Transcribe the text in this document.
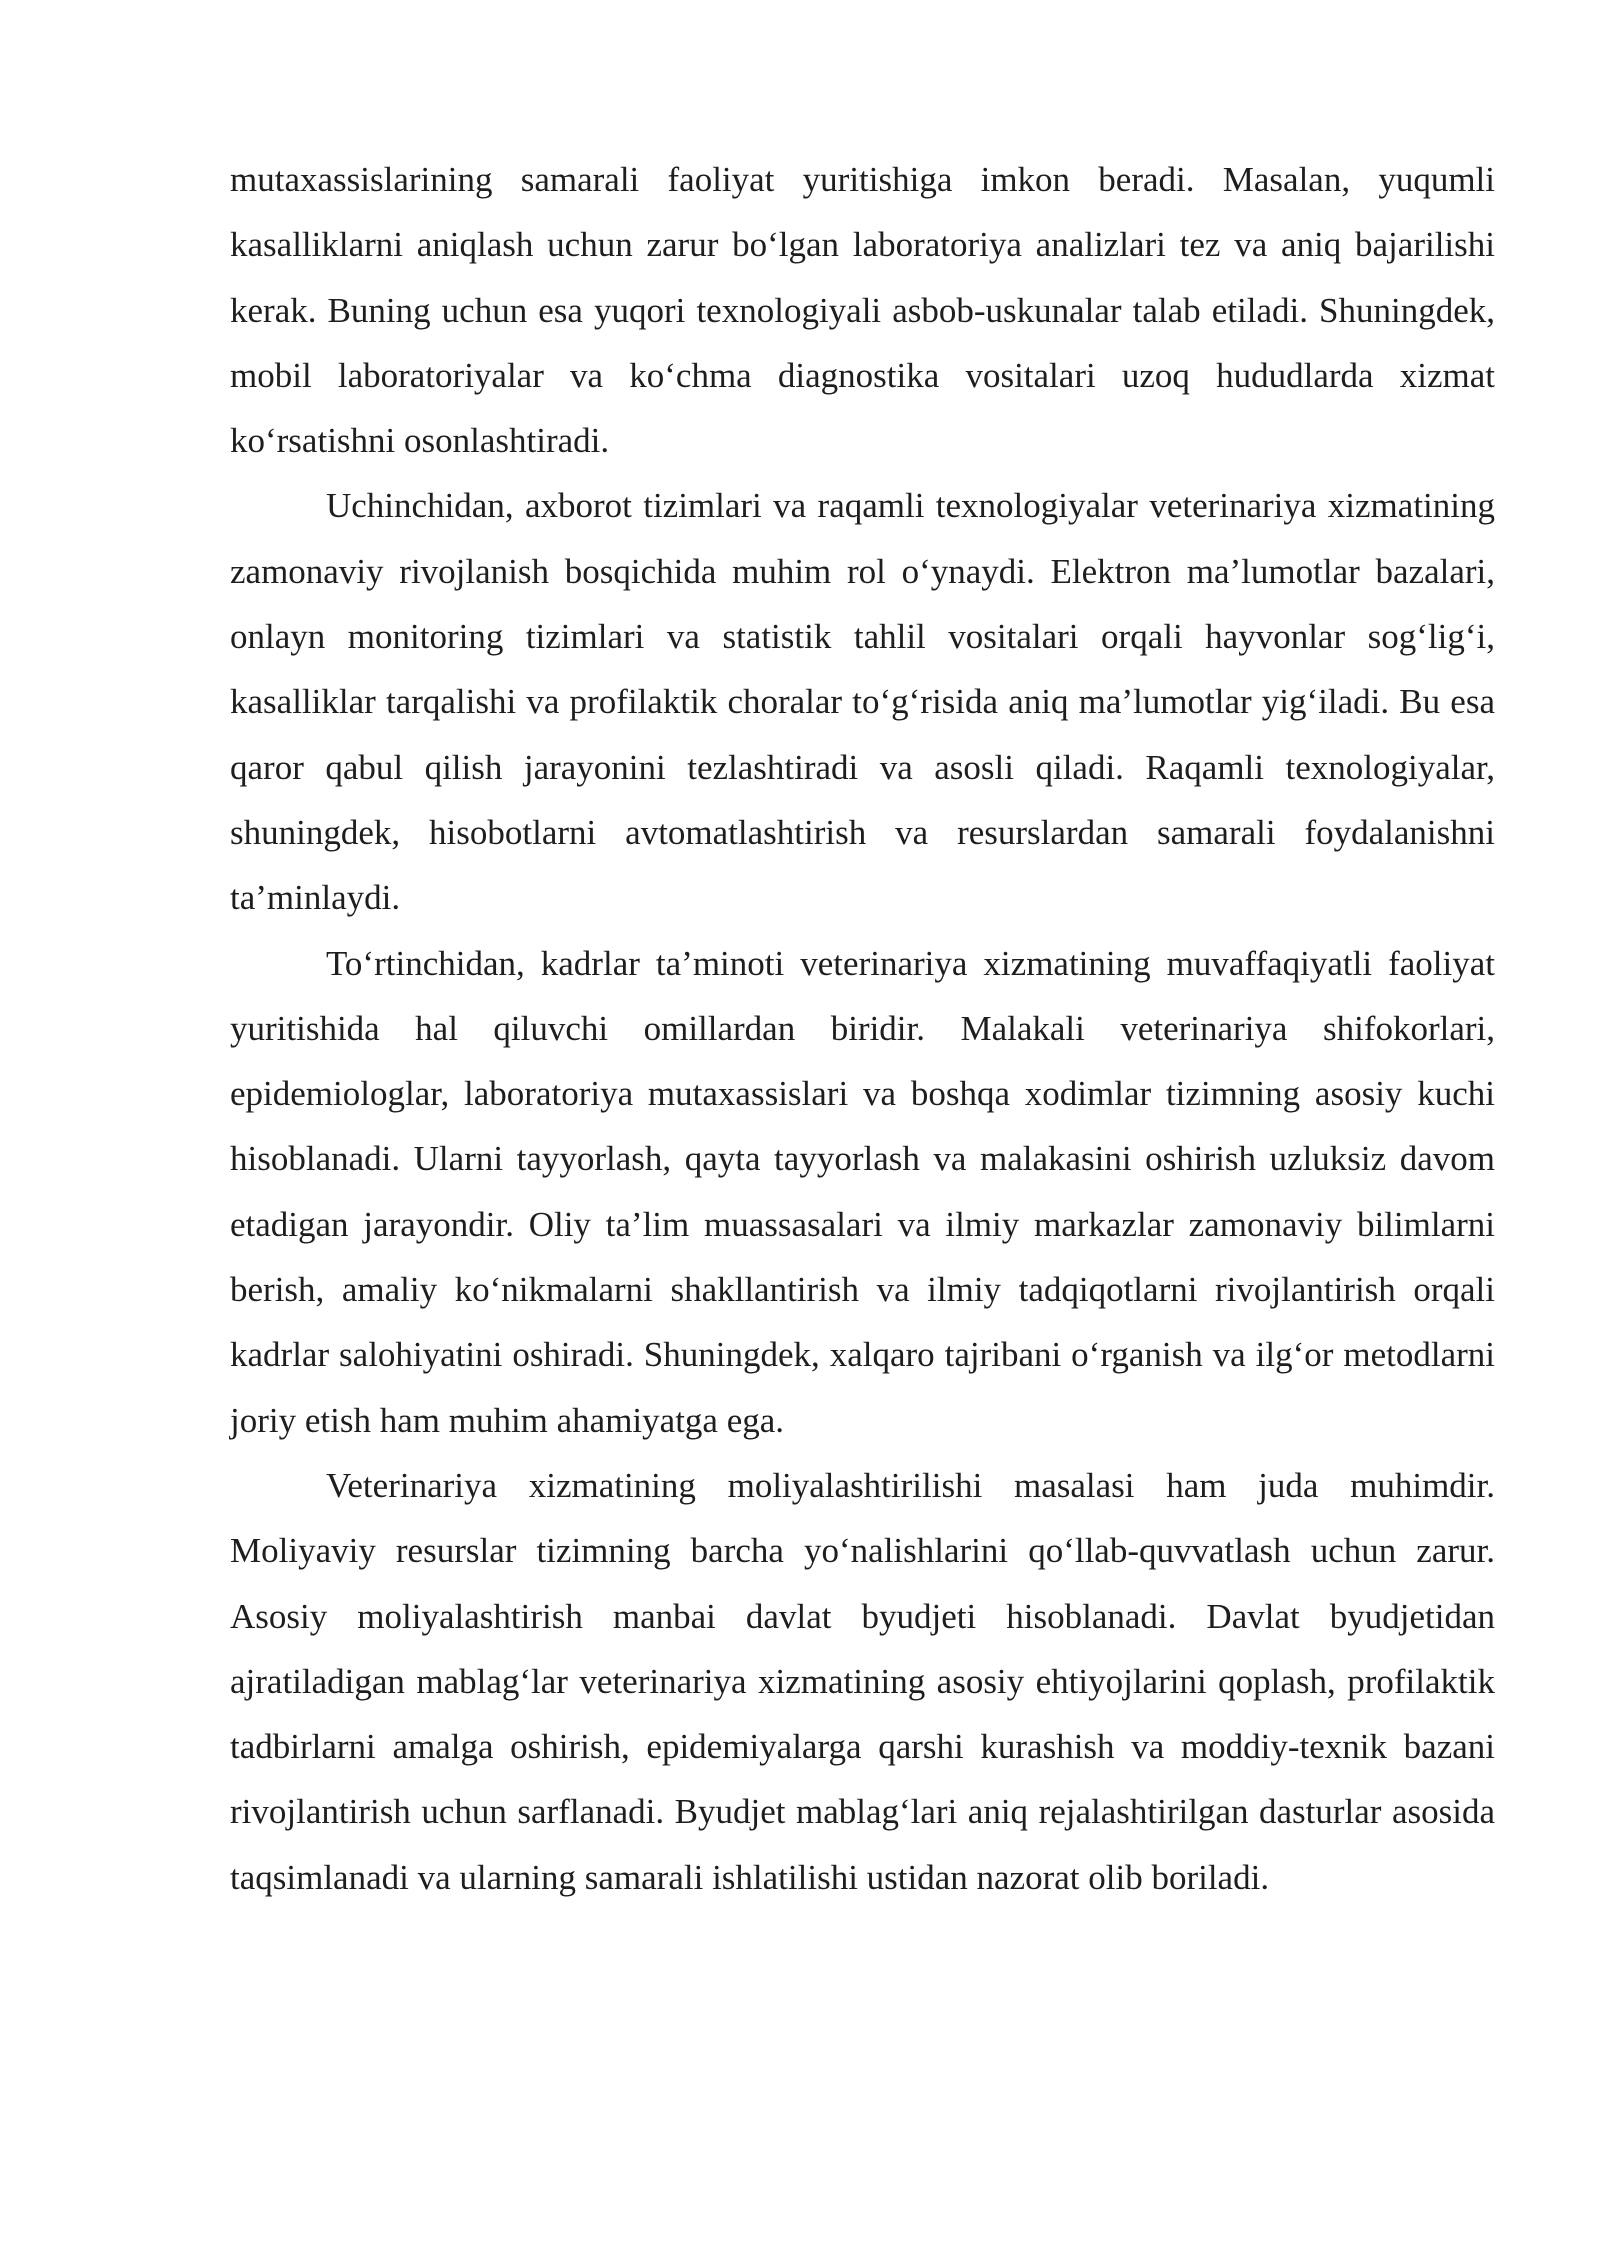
mutaxassislarining samarali faoliyat yuritishiga imkon beradi. Masalan, yuqumli kasalliklarni aniqlash uchun zarur bo‘lgan laboratoriya analizlari tez va aniq bajarilishi kerak. Buning uchun esa yuqori texnologiyali asbob-uskunalar talab etiladi. Shuningdek, mobil laboratoriyalar va ko‘chma diagnostika vositalari uzoq hududlarda xizmat ko‘rsatishni osonlashtiradi.

Uchinchidan, axborot tizimlari va raqamli texnologiyalar veterinariya xizmatining zamonaviy rivojlanish bosqichida muhim rol o‘ynaydi. Elektron ma’lumotlar bazalari, onlayn monitoring tizimlari va statistik tahlil vositalari orqali hayvonlar sog‘lig‘i, kasalliklar tarqalishi va profilaktik choralar to‘g‘risida aniq ma’lumotlar yig‘iladi. Bu esa qaror qabul qilish jarayonini tezlashtiradi va asosli qiladi. Raqamli texnologiyalar, shuningdek, hisobotlarni avtomatlashtirish va resurslardan samarali foydalanishni ta’minlaydi.

To‘rtinchidan, kadrlar ta’minoti veterinariya xizmatining muvaffaqiyatli faoliyat yuritishida hal qiluvchi omillardan biridir. Malakali veterinariya shifokorlari, epidemiologlar, laboratoriya mutaxassislari va boshqa xodimlar tizimning asosiy kuchi hisoblanadi. Ularni tayyorlash, qayta tayyorlash va malakasini oshirish uzluksiz davom etadigan jarayondir. Oliy ta’lim muassasalari va ilmiy markazlar zamonaviy bilimlarni berish, amaliy ko‘nikmalarni shakllantirish va ilmiy tadqiqotlarni rivojlantirish orqali kadrlar salohiyatini oshiradi. Shuningdek, xalqaro tajribani o‘rganish va ilg‘or metodlarni joriy etish ham muhim ahamiyatga ega.

Veterinariya xizmatining moliyalashtirilishi masalasi ham juda muhimdir. Moliyaviy resurslar tizimning barcha yo‘nalishlarini qo‘llab-quvvatlash uchun zarur. Asosiy moliyalashtirish manbai davlat byudjeti hisoblanadi. Davlat byudjetidan ajratiladigan mablag‘lar veterinariya xizmatining asosiy ehtiyojlarini qoplash, profilaktik tadbirlarni amalga oshirish, epidemiyalarga qarshi kurashish va moddiy-texnik bazani rivojlantirish uchun sarflanadi. Byudjet mablag‘lari aniq rejalashtirilgan dasturlar asosida taqsimlanadi va ularning samarali ishlatilishi ustidan nazorat olib boriladi.
